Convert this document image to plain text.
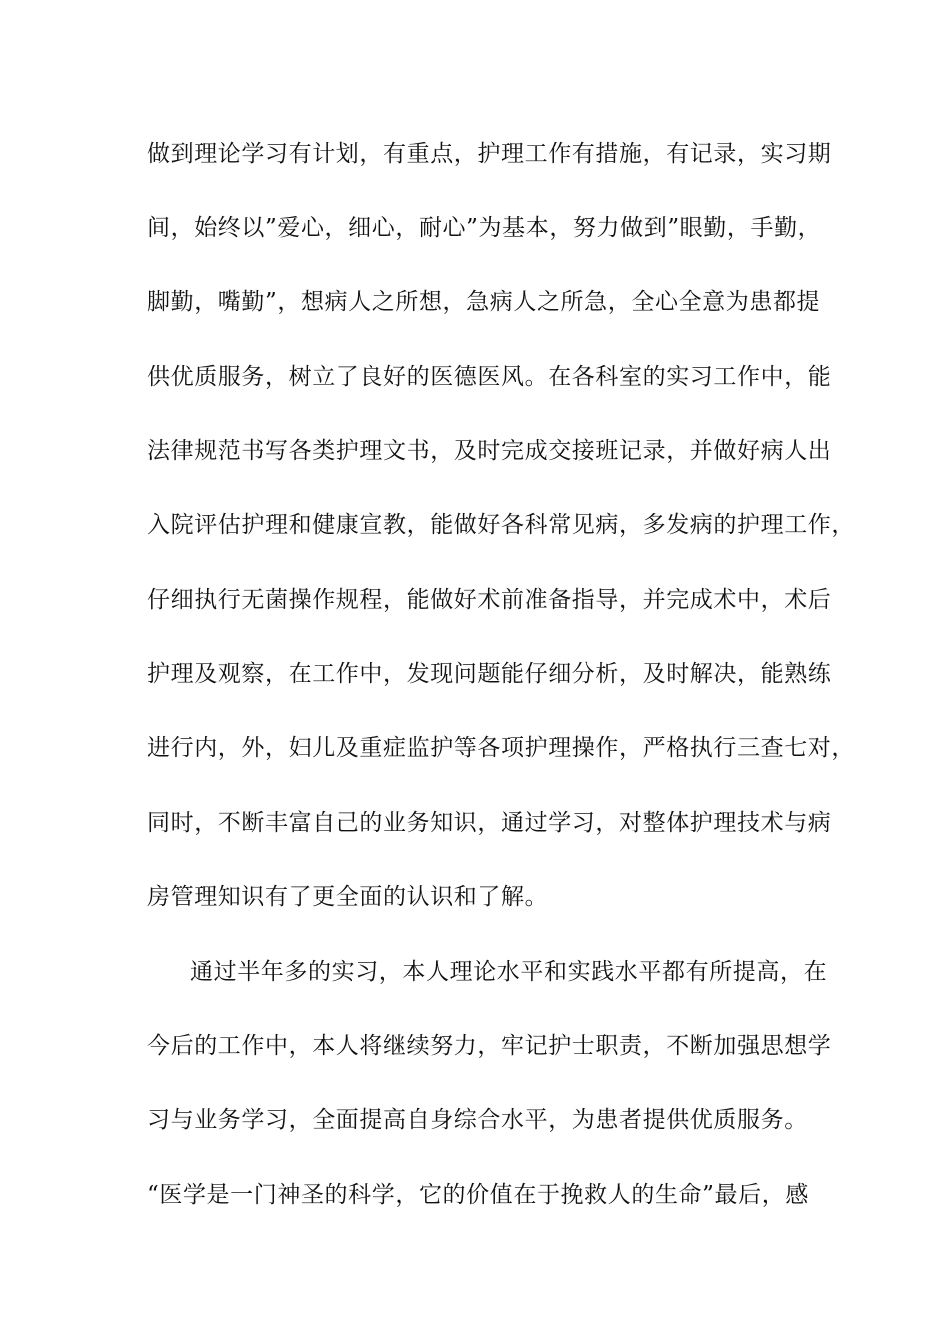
做到理论学习有计划，有重点，护理工作有措施，有记录，实习期
间，始终以”爱心，细心，耐心”为基本，努力做到”眼勤，手勤，
脚勤，嘴勤”，想病人之所想，急病人之所急，全心全意为患都提
供优质服务，树立了良好的医德医风。在各科室的实习工作中，能
法律规范书写各类护理文书，及时完成交接班记录，并做好病人出
入院评估护理和健康宣教，能做好各科常见病，多发病的护理工作，
仔细执行无菌操作规程，能做好术前准备指导，并完成术中，术后
护理及观察，在工作中，发现问题能仔细分析，及时解决，能熟练
进行内，外，妇儿及重症监护等各项护理操作，严格执行三查七对，
同时，不断丰富自己的业务知识，通过学习，对整体护理技术与病
房管理知识有了更全面的认识和了解。
通过半年多的实习，本人理论水平和实践水平都有所提高，在
今后的工作中，本人将继续努力，牢记护士职责，不断加强思想学
习与业务学习，全面提高自身综合水平，为患者提供优质服务。
“医学是一门神圣的科学，它的价值在于挽救人的生命”最后，感
